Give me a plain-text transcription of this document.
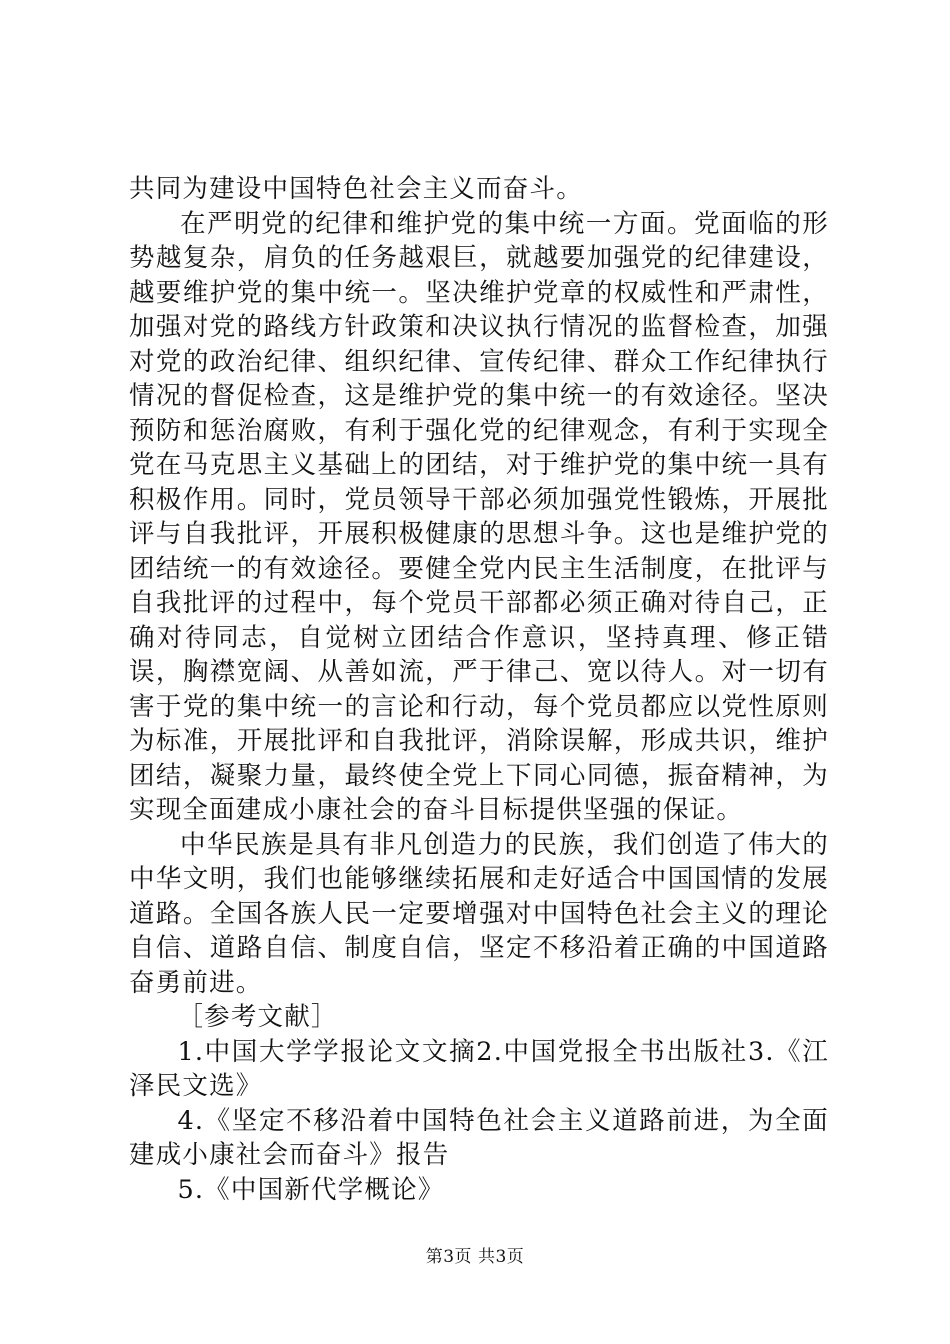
共同为建设中国特色社会主义而奋斗。

在严明党的纪律和维护党的集中统一方面。党面临的形势越复杂，肩负的任务越艰巨，就越要加强党的纪律建设，越要维护党的集中统一。坚决维护党章的权威性和严肃性，加强对党的路线方针政策和决议执行情况的监督检查，加强对党的政治纪律、组织纪律、宣传纪律、群众工作纪律执行情况的督促检查，这是维护党的集中统一的有效途径。坚决预防和惩治腐败，有利于强化党的纪律观念，有利于实现全党在马克思主义基础上的团结，对于维护党的集中统一具有积极作用。同时，党员领导干部必须加强党性锻炼，开展批评与自我批评，开展积极健康的思想斗争。这也是维护党的团结统一的有效途径。要健全党内民主生活制度，在批评与自我批评的过程中，每个党员干部都必须正确对待自己，正确对待同志，自觉树立团结合作意识，坚持真理、修正错误，胸襟宽阔、从善如流，严于律己、宽以待人。对一切有害于党的集中统一的言论和行动，每个党员都应以党性原则为标准，开展批评和自我批评，消除误解，形成共识，维护团结，凝聚力量，最终使全党上下同心同德，振奋精神，为实现全面建成小康社会的奋斗目标提供坚强的保证。

中华民族是具有非凡创造力的民族，我们创造了伟大的中华文明，我们也能够继续拓展和走好适合中国国情的发展道路。全国各族人民一定要增强对中国特色社会主义的理论自信、道路自信、制度自信，坚定不移沿着正确的中国道路奋勇前进。

［参考文献］

1.中国大学学报论文文摘2.中国党报全书出版社3.《江泽民文选》

4.《坚定不移沿着中国特色社会主义道路前进，为全面建成小康社会而奋斗》报告

5.《中国新代学概论》

第3页 共3页
